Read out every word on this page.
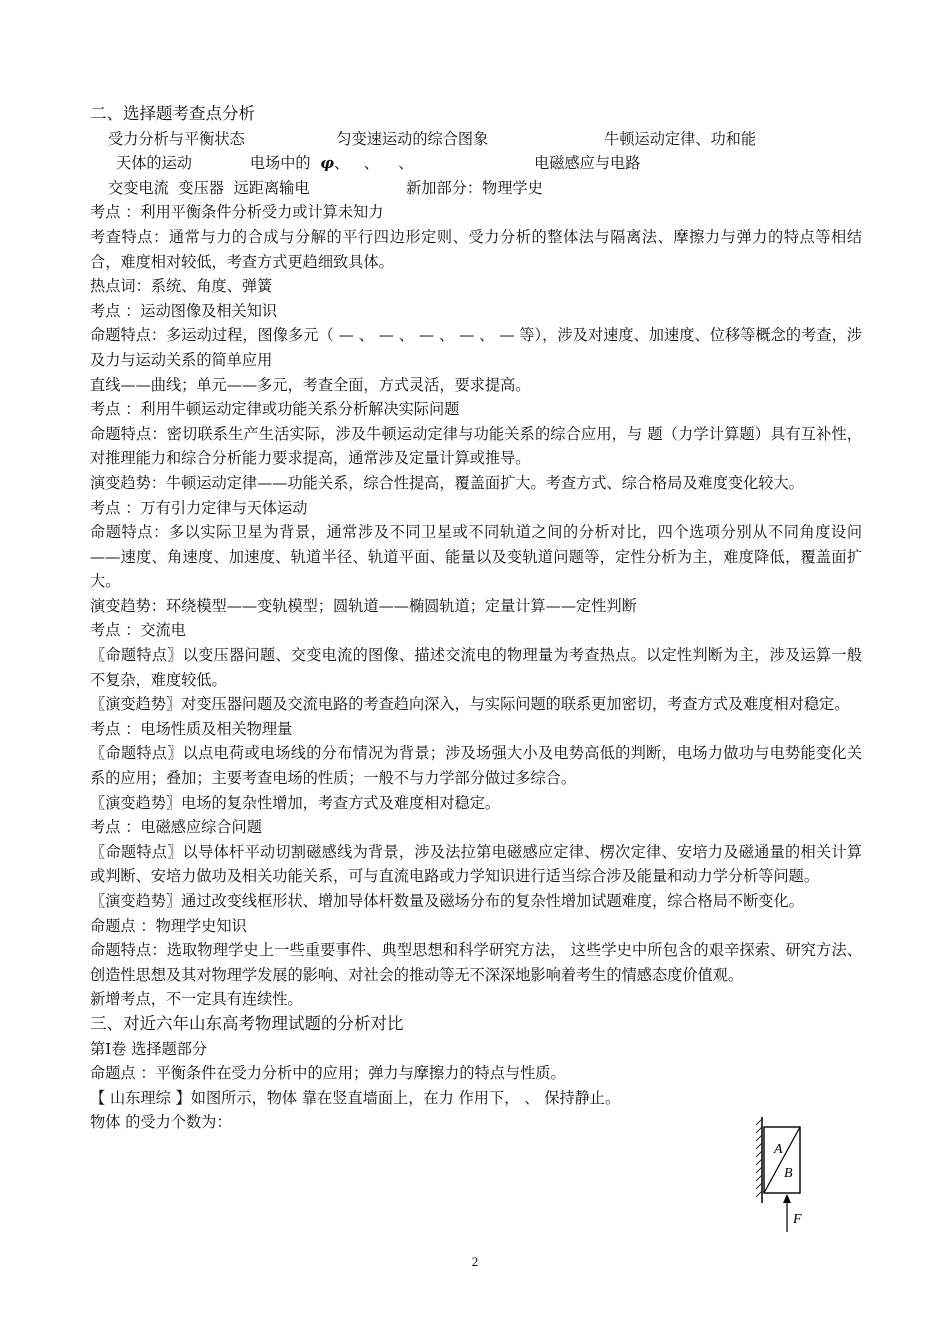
二、选择题考查点分析
受力分析与平衡状态                   匀变速运动的综合图象                        牛顿运动定律、功和能
天体的运动            电场中的  φ、   、    、                         电磁感应与电路
交变电流  变压器  远距离输电                    新加部分：物理学史
考点 ：利用平衡条件分析受力或计算未知力
考查特点：通常与力的合成与分解的平行四边形定则、受力分析的整体法与隔离法、摩擦力与弹力的特点等相结合，难度相对较低，考查方式更趋细致具体。
热点词：系统、角度、弹簧
考点 ：运动图像及相关知识
命题特点：多运动过程，图像多元（ — 、 — 、 — 、 — 、 — 等），涉及对速度、加速度、位移等概念的考查，涉及力与运动关系的简单应用
直线——曲线；单元——多元，考查全面，方式灵活，要求提高。
考点 ：利用牛顿运动定律或功能关系分析解决实际问题
命题特点：密切联系生产生活实际，涉及牛顿运动定律与功能关系的综合应用，与 题（力学计算题）具有互补性，对推理能力和综合分析能力要求提高，通常涉及定量计算或推导。
演变趋势：牛顿运动定律——功能关系，综合性提高，覆盖面扩大。考查方式、综合格局及难度变化较大。
考点 ：万有引力定律与天体运动
命题特点：多以实际卫星为背景，通常涉及不同卫星或不同轨道之间的分析对比，四个选项分别从不同角度设问——速度、角速度、加速度、轨道半径、轨道平面、能量以及变轨道问题等，定性分析为主，难度降低，覆盖面扩大。
演变趋势：环绕模型——变轨模型；圆轨道——椭圆轨道；定量计算——定性判断
考点 ：交流电
〖命题特点〗以变压器问题、交变电流的图像、描述交流电的物理量为考查热点。以定性判断为主，涉及运算一般不复杂，难度较低。
〖演变趋势〗对变压器问题及交流电路的考查趋向深入，与实际问题的联系更加密切，考查方式及难度相对稳定。
考点 ：电场性质及相关物理量
〖命题特点〗以点电荷或电场线的分布情况为背景；涉及场强大小及电势高低的判断，电场力做功与电势能变化关系的应用；叠加；主要考查电场的性质；一般不与力学部分做过多综合。
〖演变趋势〗电场的复杂性增加，考查方式及难度相对稳定。
考点 ：电磁感应综合问题
〖命题特点〗以导体杆平动切割磁感线为背景，涉及法拉第电磁感应定律、楞次定律、安培力及磁通量的相关计算或判断、安培力做功及相关功能关系，可与直流电路或力学知识进行适当综合涉及能量和动力学分析等问题。
〖演变趋势〗通过改变线框形状、增加导体杆数量及磁场分布的复杂性增加试题难度，综合格局不断变化。
命题点 ：物理学史知识
命题特点：选取物理学史上一些重要事件、典型思想和科学研究方法， 这些学史中所包含的艰辛探索、研究方法、创造性思想及其对物理学发展的影响、对社会的推动等无不深深地影响着考生的情感态度价值观。
新增考点，不一定具有连续性。
三、对近六年山东高考物理试题的分析对比
第Ⅰ卷 选择题部分
命题点 ：平衡条件在受力分析中的应用；弹力与摩擦力的特点与性质。
【 山东理综 】如图所示，物体 靠在竖直墙面上，在力 作用下， 、 保持静止。
物体 的受力个数为：
A
B
F
2
